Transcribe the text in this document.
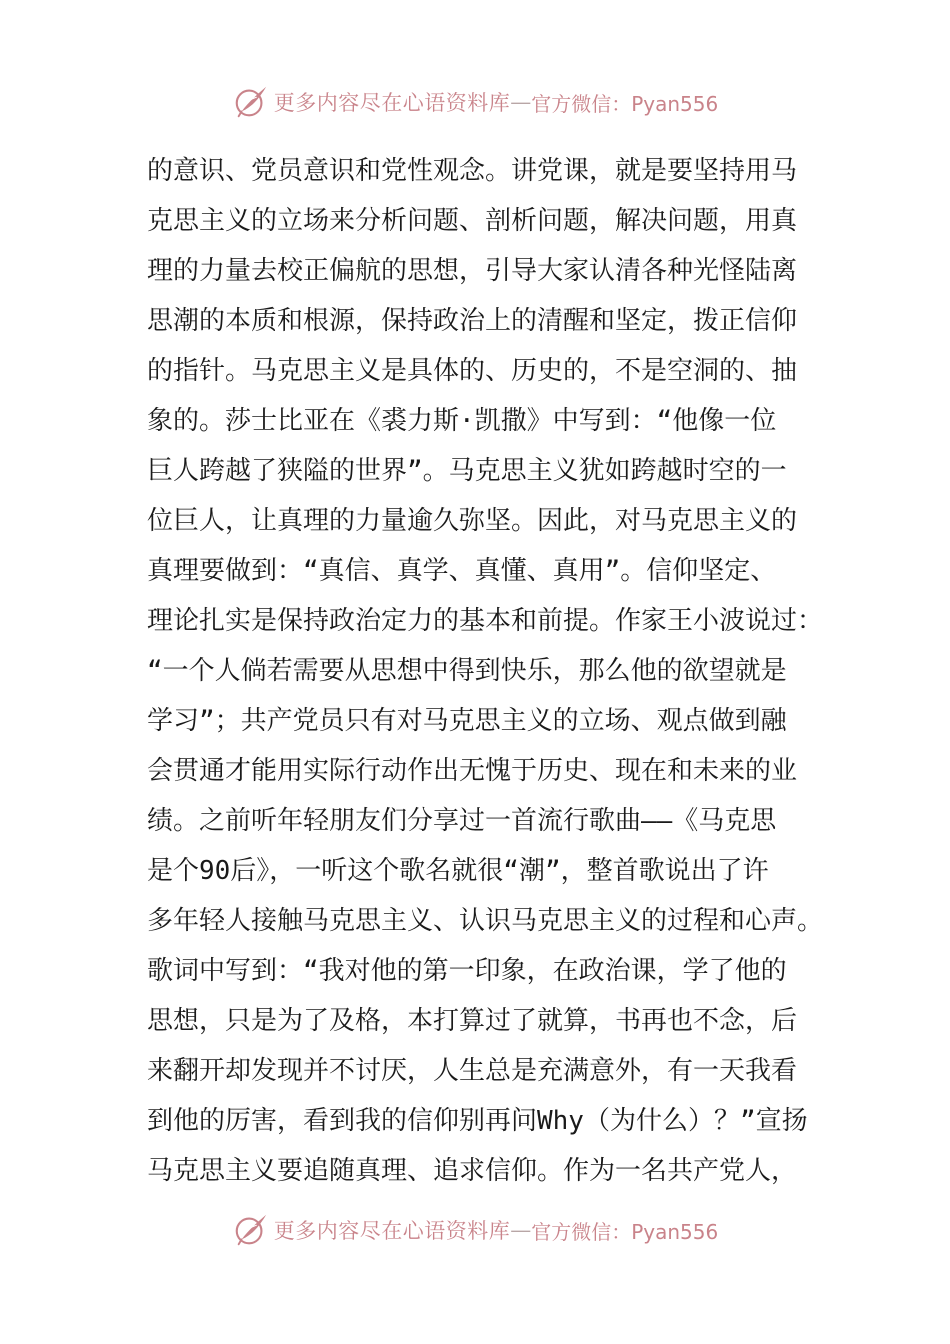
更多内容尽在心语资料库 — 官方微信：Pyan556
的意识、党员意识和党性观念。讲党课，就是要坚持用马
克思主义的立场来分析问题、剖析问题，解决问题，用真
理的力量去校正偏航的思想，引导大家认清各种光怪陆离
思潮的本质和根源，保持政治上的清醒和坚定，拨正信仰
的指针。马克思主义是具体的、历史的，不是空洞的、抽
象的。莎士比亚在《裘力斯·凯撒》中写到：“他像一位
巨人跨越了狭隘的世界”。马克思主义犹如跨越时空的一
位巨人，让真理的力量逾久弥坚。因此，对马克思主义的
真理要做到：“真信、真学、真懂、真用”。信仰坚定、
理论扎实是保持政治定力的基本和前提。作家王小波说过：
“一个人倘若需要从思想中得到快乐，那么他的欲望就是
学习”；共产党员只有对马克思主义的立场、观点做到融
会贯通才能用实际行动作出无愧于历史、现在和未来的业
绩。之前听年轻朋友们分享过一首流行歌曲——《马克思
是个90后》，一听这个歌名就很“潮”，整首歌说出了许
多年轻人接触马克思主义、认识马克思主义的过程和心声。
歌词中写到：“我对他的第一印象，在政治课，学了他的
思想，只是为了及格，本打算过了就算，书再也不念，后
来翻开却发现并不讨厌，人生总是充满意外，有一天我看
到他的厉害，看到我的信仰别再问Why（为什么）？”宣扬
马克思主义要追随真理、追求信仰。作为一名共产党人，
更多内容尽在心语资料库 — 官方微信：Pyan556
